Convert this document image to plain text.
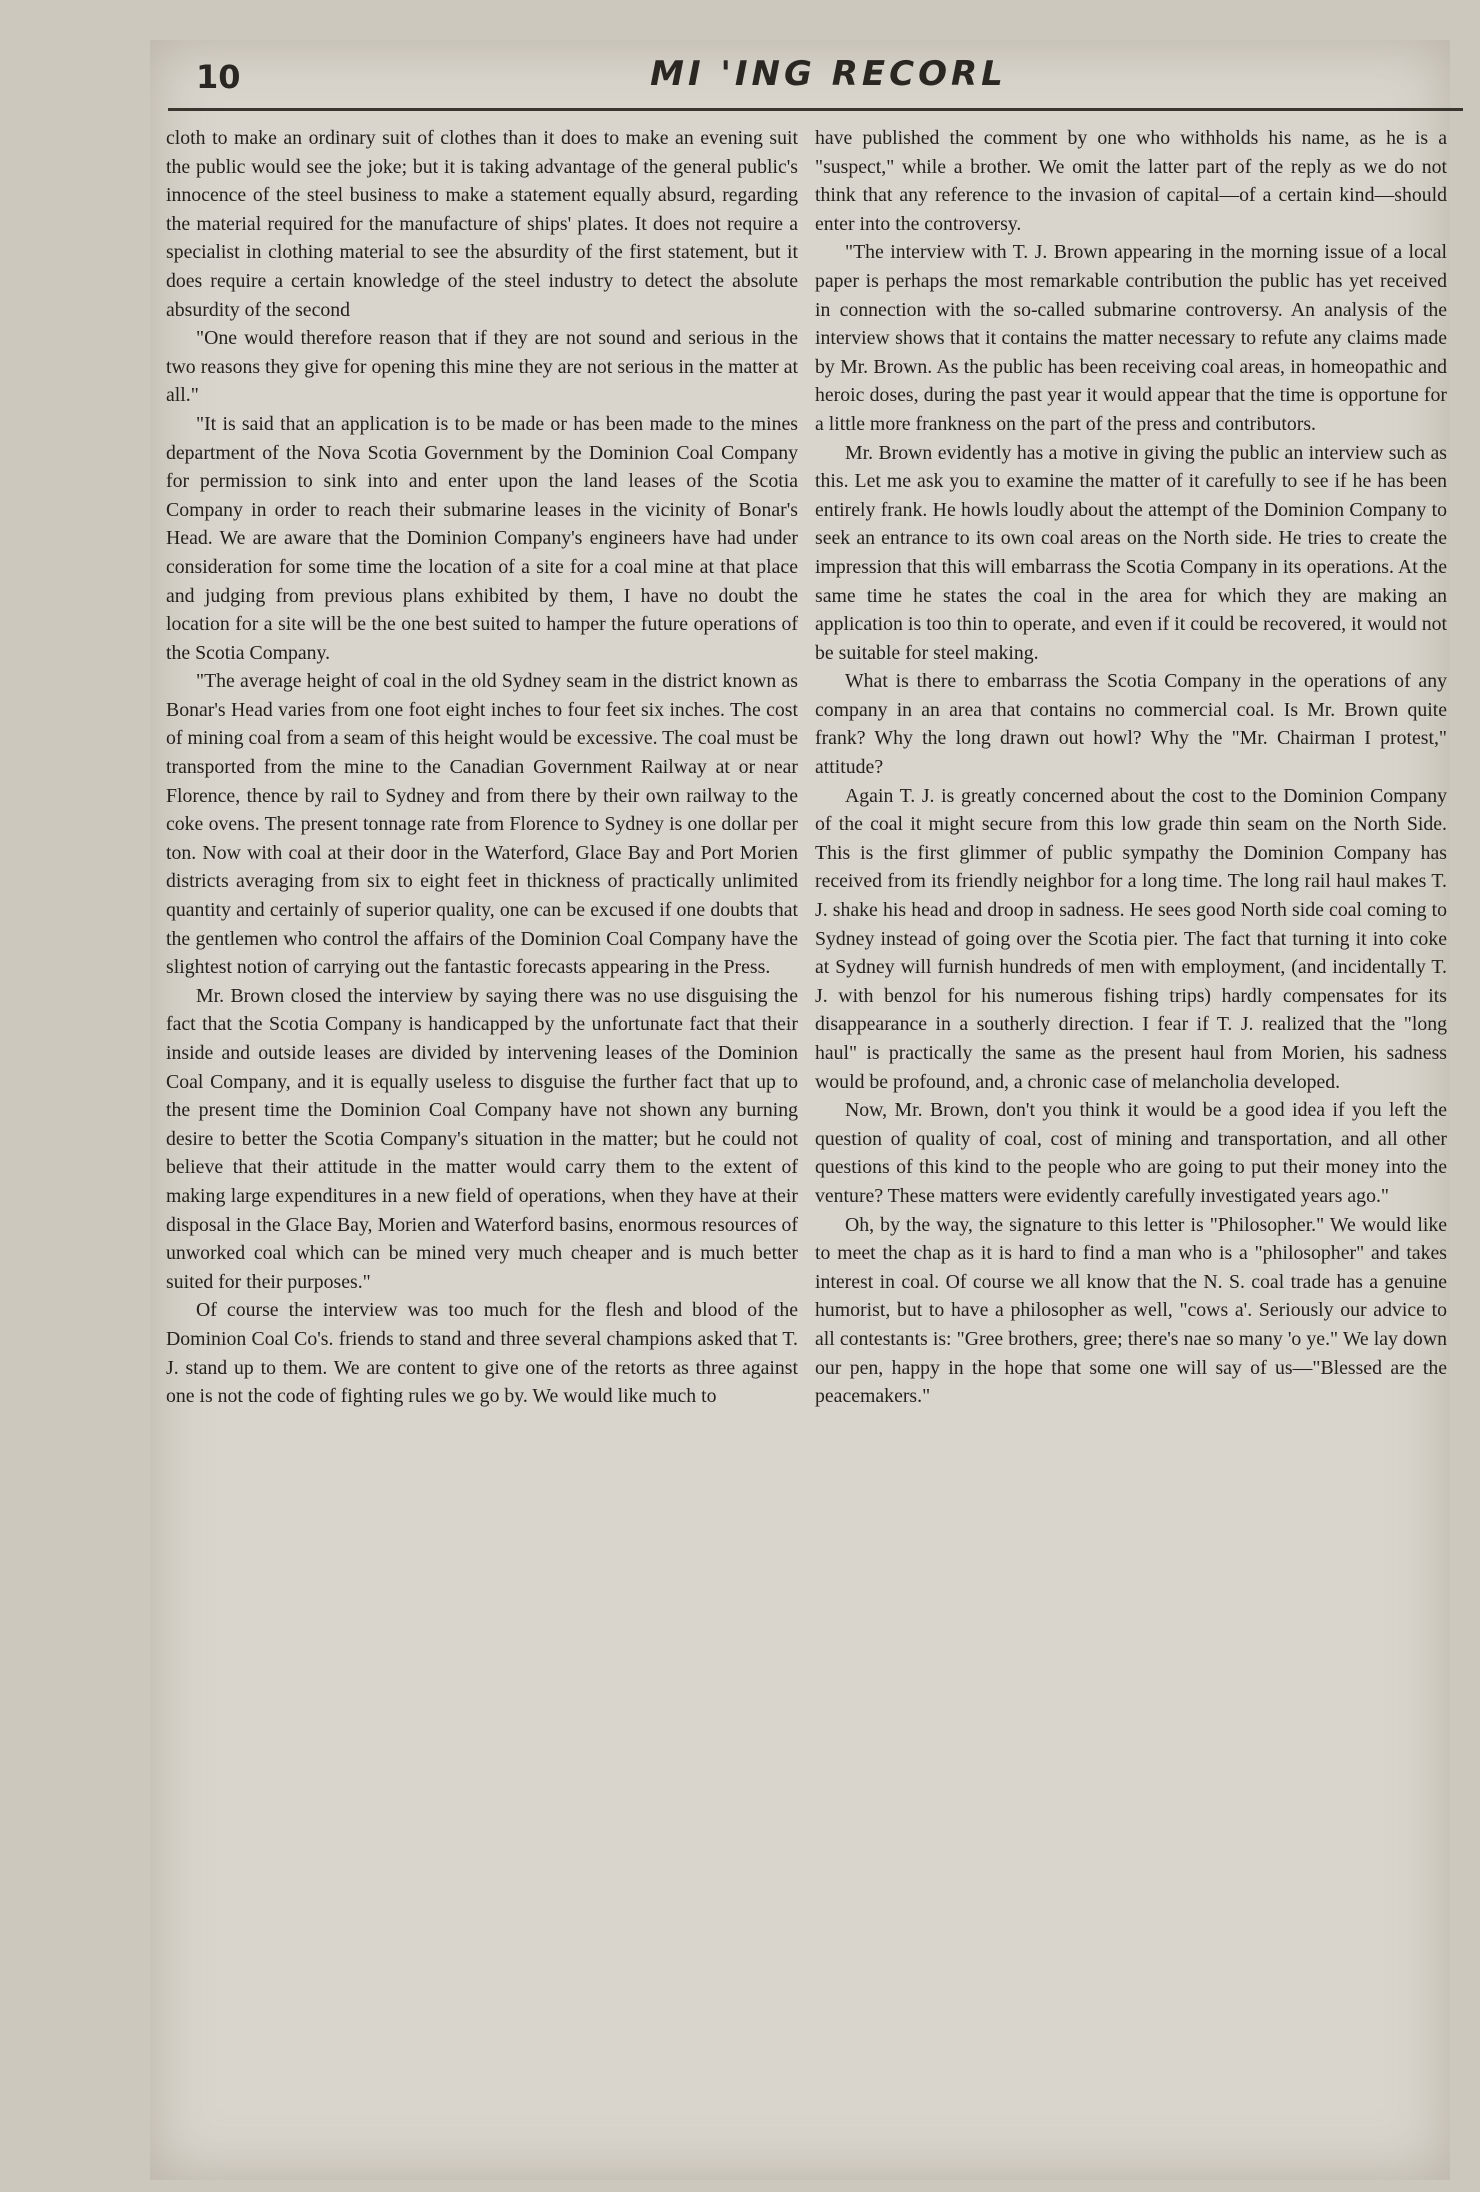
10	MI 'ING RECORL

cloth to make an ordinary suit of clothes than it does to make an evening suit the public would see the joke; but it is taking advantage of the general public's innocence of the steel business to make a statement equally absurd, regarding the material required for the manufacture of ships' plates. It does not require a specialist in clothing material to see the absurdity of the first statement, but it does require a certain knowledge of the steel industry to detect the absolute absurdity of the second

"One would therefore reason that if they are not sound and serious in the two reasons they give for opening this mine they are not serious in the matter at all."

"It is said that an application is to be made or has been made to the mines department of the Nova Scotia Government by the Dominion Coal Company for permission to sink into and enter upon the land leases of the Scotia Company in order to reach their submarine leases in the vicinity of Bonar's Head. We are aware that the Dominion Company's engineers have had under consideration for some time the location of a site for a coal mine at that place and judging from previous plans exhibited by them, I have no doubt the location for a site will be the one best suited to hamper the future operations of the Scotia Company.

"The average height of coal in the old Sydney seam in the district known as Bonar's Head varies from one foot eight inches to four feet six inches. The cost of mining coal from a seam of this height would be excessive. The coal must be transported from the mine to the Canadian Government Railway at or near Florence, thence by rail to Sydney and from there by their own railway to the coke ovens. The present tonnage rate from Florence to Sydney is one dollar per ton. Now with coal at their door in the Waterford, Glace Bay and Port Morien districts averaging from six to eight feet in thickness of practically unlimited quantity and certainly of superior quality, one can be excused if one doubts that the gentlemen who control the affairs of the Dominion Coal Company have the slightest notion of carrying out the fantastic forecasts appearing in the Press.

Mr. Brown closed the interview by saying there was no use disguising the fact that the Scotia Company is handicapped by the unfortunate fact that their inside and outside leases are divided by intervening leases of the Dominion Coal Company, and it is equally useless to disguise the further fact that up to the present time the Dominion Coal Company have not shown any burning desire to better the Scotia Company's situation in the matter; but he could not believe that their attitude in the matter would carry them to the extent of making large expenditures in a new field of operations, when they have at their disposal in the Glace Bay, Morien and Waterford basins, enormous resources of unworked coal which can be mined very much cheaper and is much better suited for their purposes."

Of course the interview was too much for the flesh and blood of the Dominion Coal Co's. friends to stand and three several champions asked that T. J. stand up to them. We are content to give one of the retorts as three against one is not the code of fighting rules we go by. We would like much to

have published the comment by one who withholds his name, as he is a "suspect," while a brother. We omit the latter part of the reply as we do not think that any reference to the invasion of capital—of a certain kind—should enter into the controversy.

"The interview with T. J. Brown appearing in the morning issue of a local paper is perhaps the most remarkable contribution the public has yet received in connection with the so-called submarine controversy. An analysis of the interview shows that it contains the matter necessary to refute any claims made by Mr. Brown. As the public has been receiving coal areas, in homeopathic and heroic doses, during the past year it would appear that the time is opportune for a little more frankness on the part of the press and contributors.

Mr. Brown evidently has a motive in giving the public an interview such as this. Let me ask you to examine the matter of it carefully to see if he has been entirely frank. He howls loudly about the attempt of the Dominion Company to seek an entrance to its own coal areas on the North side. He tries to create the impression that this will embarrass the Scotia Company in its operations. At the same time he states the coal in the area for which they are making an application is too thin to operate, and even if it could be recovered, it would not be suitable for steel making.

What is there to embarrass the Scotia Company in the operations of any company in an area that contains no commercial coal. Is Mr. Brown quite frank? Why the long drawn out howl? Why the "Mr. Chairman I protest," attitude?

Again T. J. is greatly concerned about the cost to the Dominion Company of the coal it might secure from this low grade thin seam on the North Side. This is the first glimmer of public sympathy the Dominion Company has received from its friendly neighbor for a long time. The long rail haul makes T. J. shake his head and droop in sadness. He sees good North side coal coming to Sydney instead of going over the Scotia pier. The fact that turning it into coke at Sydney will furnish hundreds of men with employment, (and incidentally T. J. with benzol for his numerous fishing trips) hardly compensates for its disappearance in a southerly direction. I fear if T. J. realized that the "long haul" is practically the same as the present haul from Morien, his sadness would be profound, and, a chronic case of melancholia developed.

Now, Mr. Brown, don't you think it would be a good idea if you left the question of quality of coal, cost of mining and transportation, and all other questions of this kind to the people who are going to put their money into the venture? These matters were evidently carefully investigated years ago."

Oh, by the way, the signature to this letter is "Philosopher." We would like to meet the chap as it is hard to find a man who is a "philosopher" and takes interest in coal. Of course we all know that the N. S. coal trade has a genuine humorist, but to have a philosopher as well, "cows a'. Seriously our advice to all contestants is: "Gree brothers, gree; there's nae so many 'o ye." We lay down our pen, happy in the hope that some one will say of us—"Blessed are the peacemakers."
